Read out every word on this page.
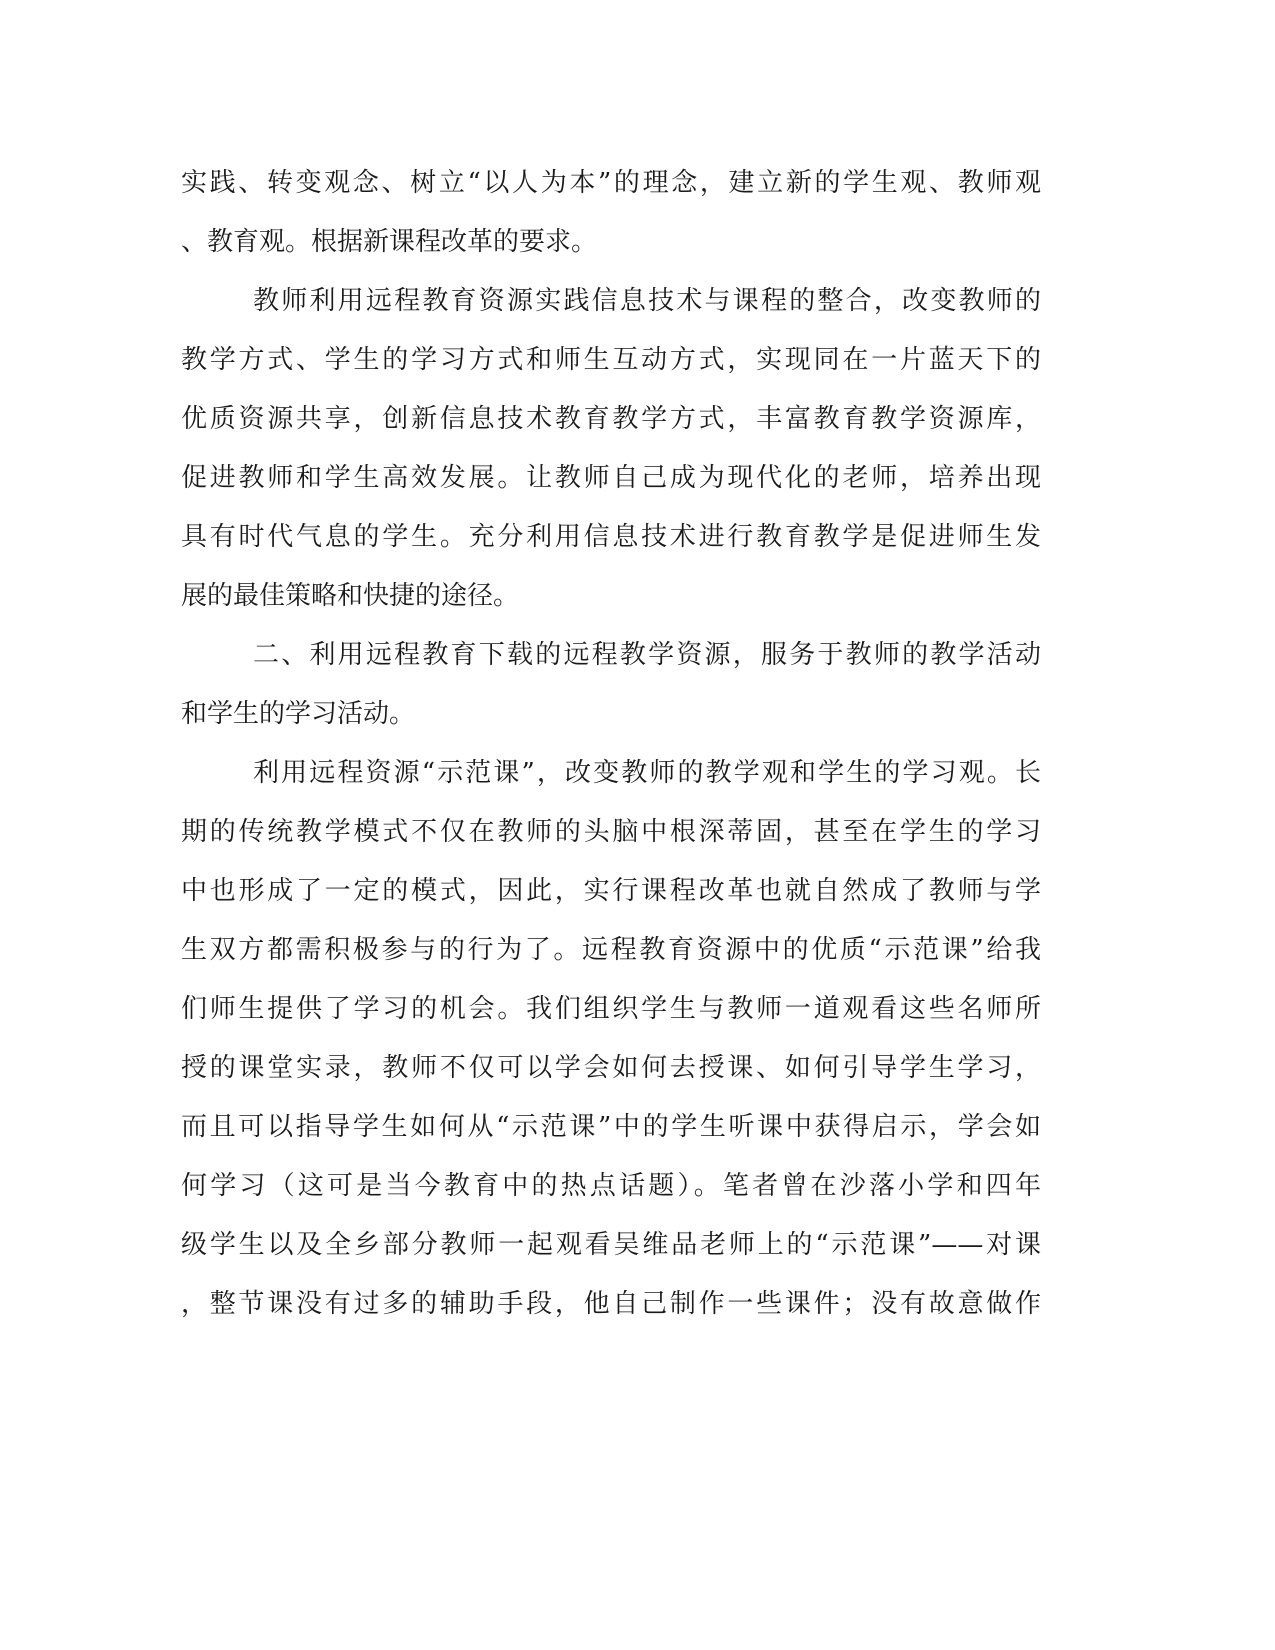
实践、转变观念、树立“以人为本”的理念，建立新的学生观、教师观
、教育观。根据新课程改革的要求。
教师利用远程教育资源实践信息技术与课程的整合，改变教师的
教学方式、学生的学习方式和师生互动方式，实现同在一片蓝天下的
优质资源共享，创新信息技术教育教学方式，丰富教育教学资源库，
促进教师和学生高效发展。让教师自己成为现代化的老师，培养出现
具有时代气息的学生。充分利用信息技术进行教育教学是促进师生发
展的最佳策略和快捷的途径。
二、利用远程教育下载的远程教学资源，服务于教师的教学活动
和学生的学习活动。
利用远程资源“示范课”，改变教师的教学观和学生的学习观。长
期的传统教学模式不仅在教师的头脑中根深蒂固，甚至在学生的学习
中也形成了一定的模式，因此，实行课程改革也就自然成了教师与学
生双方都需积极参与的行为了。远程教育资源中的优质“示范课”给我
们师生提供了学习的机会。我们组织学生与教师一道观看这些名师所
授的课堂实录，教师不仅可以学会如何去授课、如何引导学生学习，
而且可以指导学生如何从“示范课”中的学生听课中获得启示，学会如
何学习（这可是当今教育中的热点话题）。笔者曾在沙落小学和四年
级学生以及全乡部分教师一起观看吴维品老师上的“示范课”——对课
，整节课没有过多的辅助手段，他自己制作一些课件；没有故意做作
